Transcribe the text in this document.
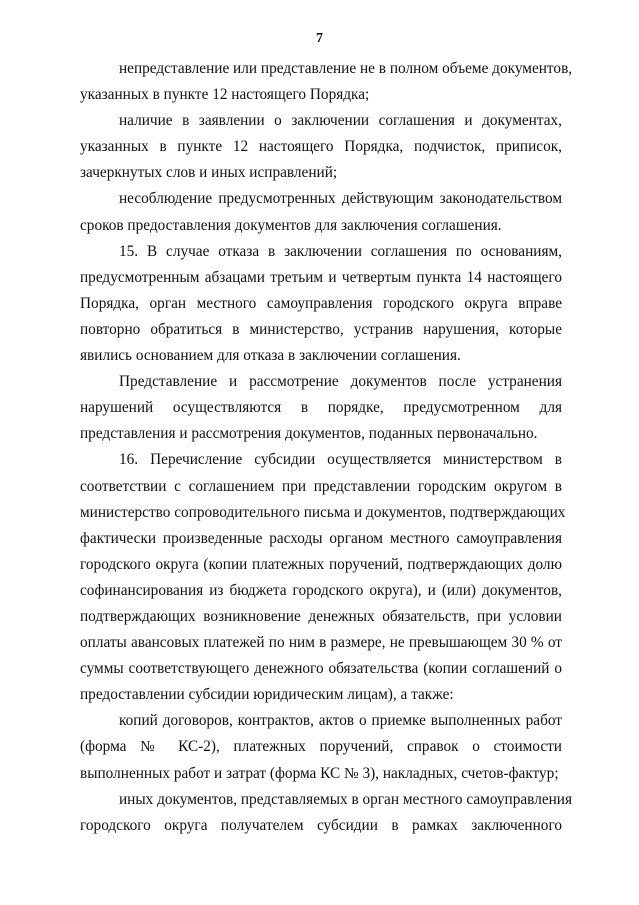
7
непредставление или представление не в полном объеме документов,
указанных в пункте 12 настоящего Порядка;
наличие в заявлении о заключении соглашения и документах,
указанных в пункте 12 настоящего Порядка, подчисток, приписок,
зачеркнутых слов и иных исправлений;
несоблюдение предусмотренных действующим законодательством
сроков предоставления документов для заключения соглашения.
15. В случае отказа в заключении соглашения по основаниям,
предусмотренным абзацами третьим и четвертым пункта 14 настоящего
Порядка, орган местного самоуправления городского округа вправе
повторно обратиться в министерство, устранив нарушения, которые
явились основанием для отказа в заключении соглашения.
Представление и рассмотрение документов после устранения
нарушений осуществляются в порядке, предусмотренном для
представления и рассмотрения документов, поданных первоначально.
16. Перечисление субсидии осуществляется министерством в
соответствии с соглашением при представлении городским округом в
министерство сопроводительного письма и документов, подтверждающих
фактически произведенные расходы органом местного самоуправления
городского округа (копии платежных поручений, подтверждающих долю
софинансирования из бюджета городского округа), и (или) документов,
подтверждающих возникновение денежных обязательств, при условии
оплаты авансовых платежей по ним в размере, не превышающем 30 % от
суммы соответствующего денежного обязательства (копии соглашений о
предоставлении субсидии юридическим лицам), а также:
копий договоров, контрактов, актов о приемке выполненных работ
(форма № КС-2), платежных поручений, справок о стоимости
выполненных работ и затрат (форма КС № 3), накладных, счетов-фактур;
иных документов, представляемых в орган местного самоуправления
городского округа получателем субсидии в рамках заключенного
